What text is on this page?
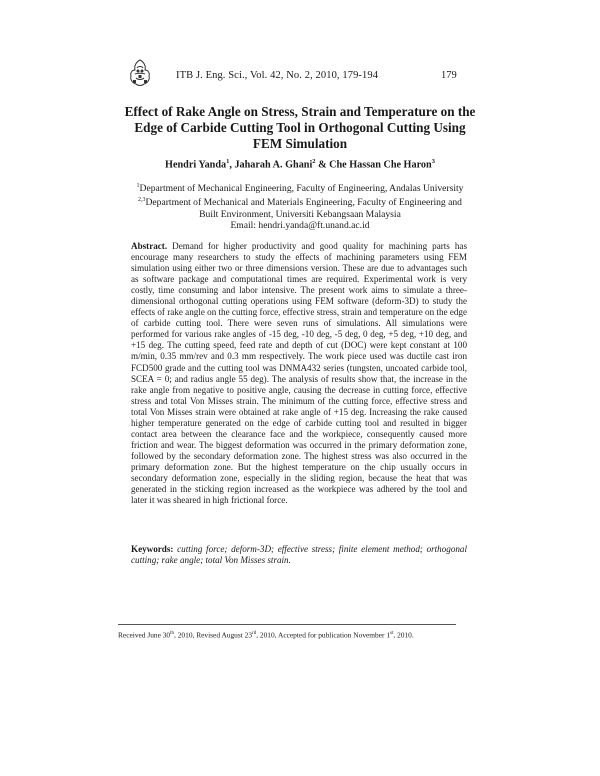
ITB J. Eng. Sci., Vol. 42, No. 2, 2010, 179-194	179
Effect of Rake Angle on Stress, Strain and Temperature on the Edge of Carbide Cutting Tool in Orthogonal Cutting Using FEM Simulation
Hendri Yanda$^1$, Jaharah A. Ghani$^2$ & Che Hassan Che Haron$^3$
$^1$Department of Mechanical Engineering, Faculty of Engineering, Andalas University
$^{2,3}$Department of Mechanical and Materials Engineering, Faculty of Engineering and
Built Environment, Universiti Kebangsaan Malaysia
Email: hendri.yanda@ft.unand.ac.id
Abstract. Demand for higher productivity and good quality for machining parts has encourage many researchers to study the effects of machining parameters using FEM simulation using either two or three dimensions version. These are due to advantages such as software package and computational times are required. Experimental work is very costly, time consuming and labor intensive. The present work aims to simulate a three-dimensional orthogonal cutting operations using FEM software (deform-3D) to study the effects of rake angle on the cutting force, effective stress, strain and temperature on the edge of carbide cutting tool. There were seven runs of simulations. All simulations were performed for various rake angles of -15 deg, -10 deg, -5 deg, 0 deg, +5 deg, +10 deg, and +15 deg. The cutting speed, feed rate and depth of cut (DOC) were kept constant at 100 m/min, 0.35 mm/rev and 0.3 mm respectively. The work piece used was ductile cast iron FCD500 grade and the cutting tool was DNMA432 series (tungsten, uncoated carbide tool, SCEA = 0; and radius angle 55 deg). The analysis of results show that, the increase in the rake angle from negative to positive angle, causing the decrease in cutting force, effective stress and total Von Misses strain. The minimum of the cutting force, effective stress and total Von Misses strain were obtained at rake angle of +15 deg. Increasing the rake caused higher temperature generated on the edge of carbide cutting tool and resulted in bigger contact area between the clearance face and the workpiece, consequently caused more friction and wear. The biggest deformation was occurred in the primary deformation zone, followed by the secondary deformation zone. The highest stress was also occurred in the primary deformation zone. But the highest temperature on the chip usually occurs in secondary deformation zone, especially in the sliding region, because the heat that was generated in the sticking region increased as the workpiece was adhered by the tool and later it was sheared in high frictional force.
Keywords: cutting force; deform-3D; effective stress; finite element method; orthogonal cutting; rake angle; total Von Misses strain.
Received June 30th, 2010, Revised August 23rd, 2010, Accepted for publication November 1st, 2010.
